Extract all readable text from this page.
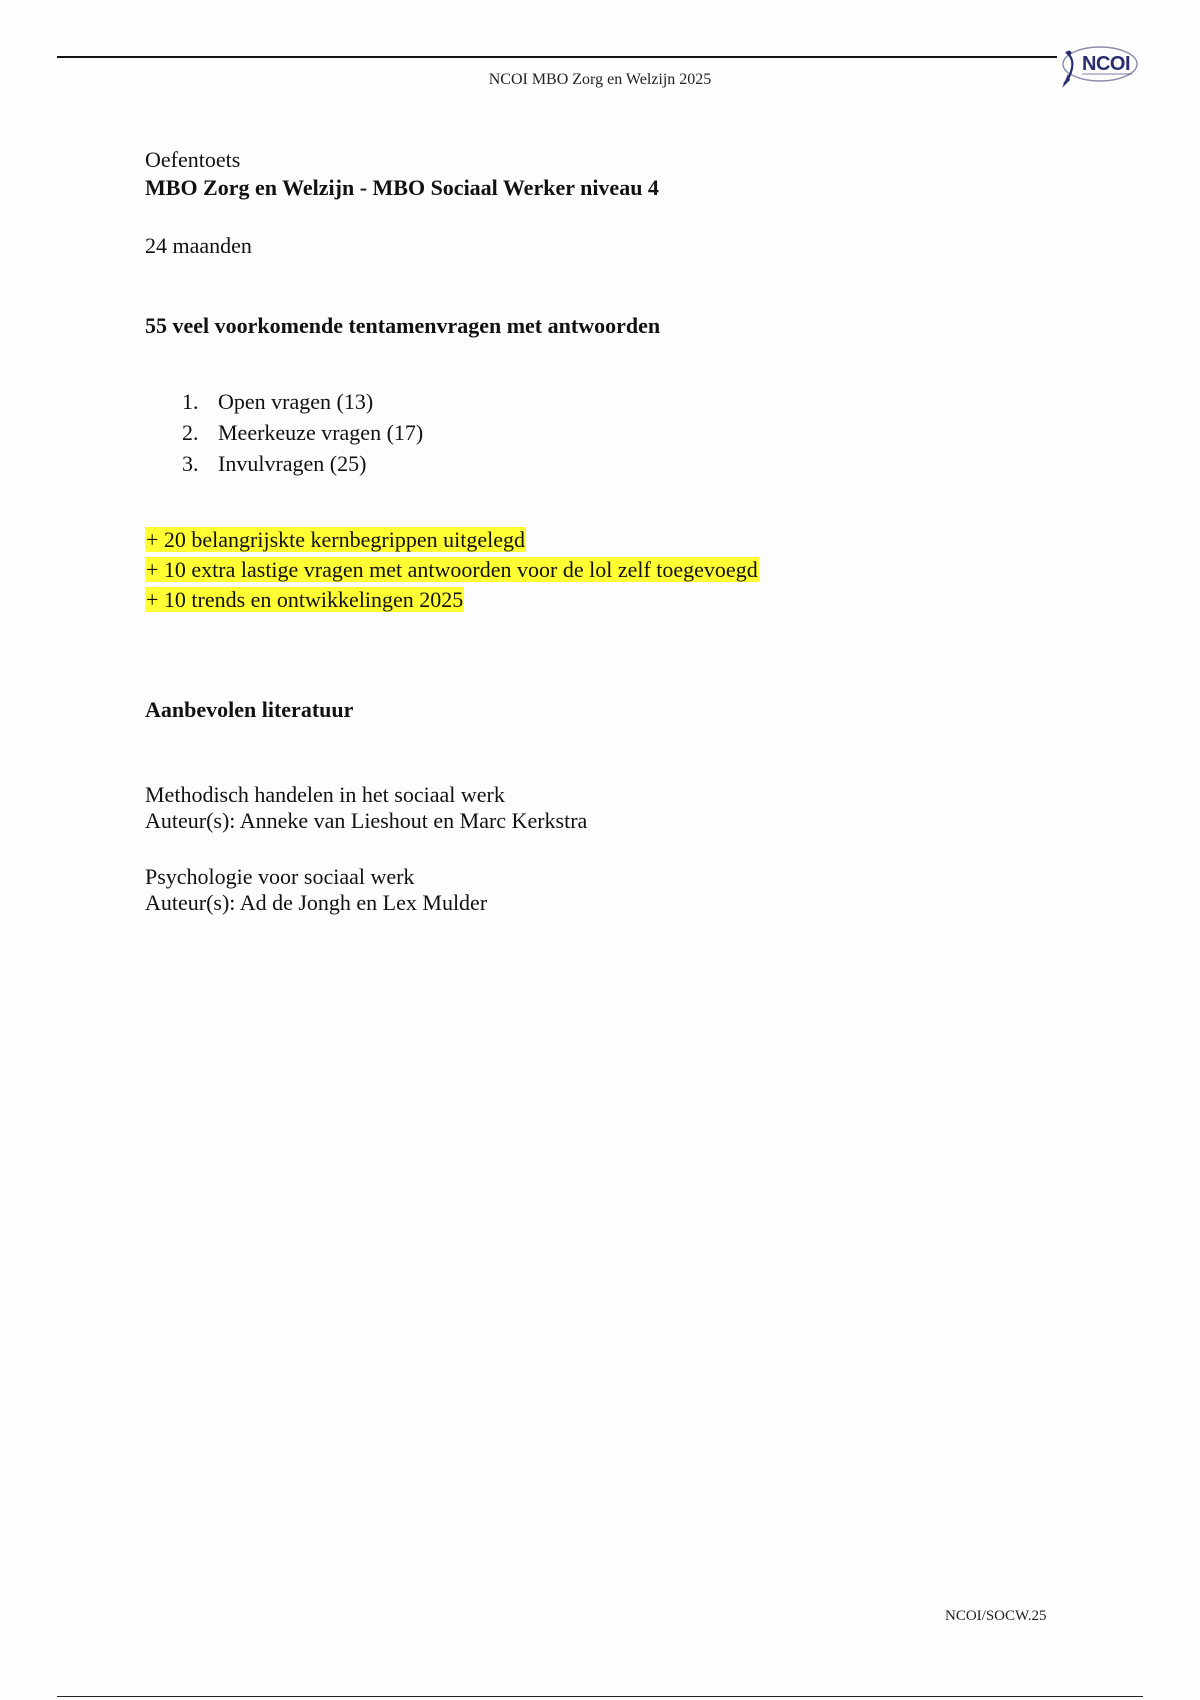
NCOI MBO Zorg en Welzijn 2025
NCOI

Oefentoets

MBO Zorg en Welzijn - MBO Sociaal Werker niveau 4

24 maanden

55 veel voorkomende tentamenvragen met antwoorden

1. Open vragen (13)
2. Meerkeuze vragen (17)
3. Invulvragen (25)

+ 20 belangrijskte kernbegrippen uitgelegd

+ 10 extra lastige vragen met antwoorden voor de lol zelf toegevoegd

+ 10 trends en ontwikkelingen 2025

Aanbevolen literatuur

Methodisch handelen in het sociaal werk

Auteur(s): Anneke van Lieshout en Marc Kerkstra

Psychologie voor sociaal werk

Auteur(s): Ad de Jongh en Lex Mulder

NCOI/SOCW.25
